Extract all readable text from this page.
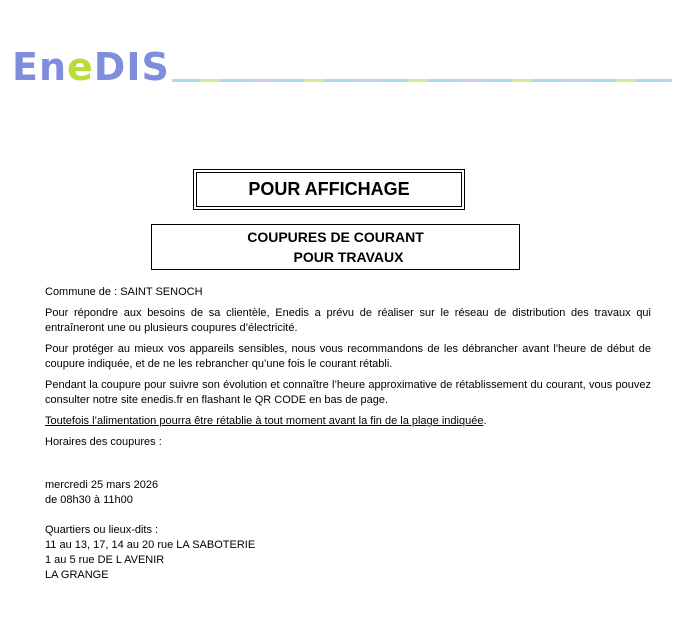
EneDIS
POUR AFFICHAGE
COUPURES DE COURANT
POUR TRAVAUX

Commune de : SAINT SENOCH

Pour répondre aux besoins de sa clientèle, Enedis a prévu de réaliser sur le réseau de distribution des travaux qui entraîneront une ou plusieurs coupures d’électricité.

Pour protéger au mieux vos appareils sensibles, nous vous recommandons de les débrancher avant l'heure de début de coupure indiquée, et de ne les rebrancher qu’une fois le courant rétabli.

Pendant la coupure pour suivre son évolution et connaître l’heure approximative de rétablissement du courant, vous pouvez consulter notre site enedis.fr en flashant le QR CODE en bas de page.

Toutefois l’alimentation pourra être rétablie à tout moment avant la fin de la plage indiquée.

Horaires des coupures :

mercredi 25 mars 2026

de 08h30 à 11h00

Quartiers ou lieux-dits :

11 au 13, 17, 14 au 20 rue LA SABOTERIE

1 au 5 rue DE L AVENIR

LA GRANGE
